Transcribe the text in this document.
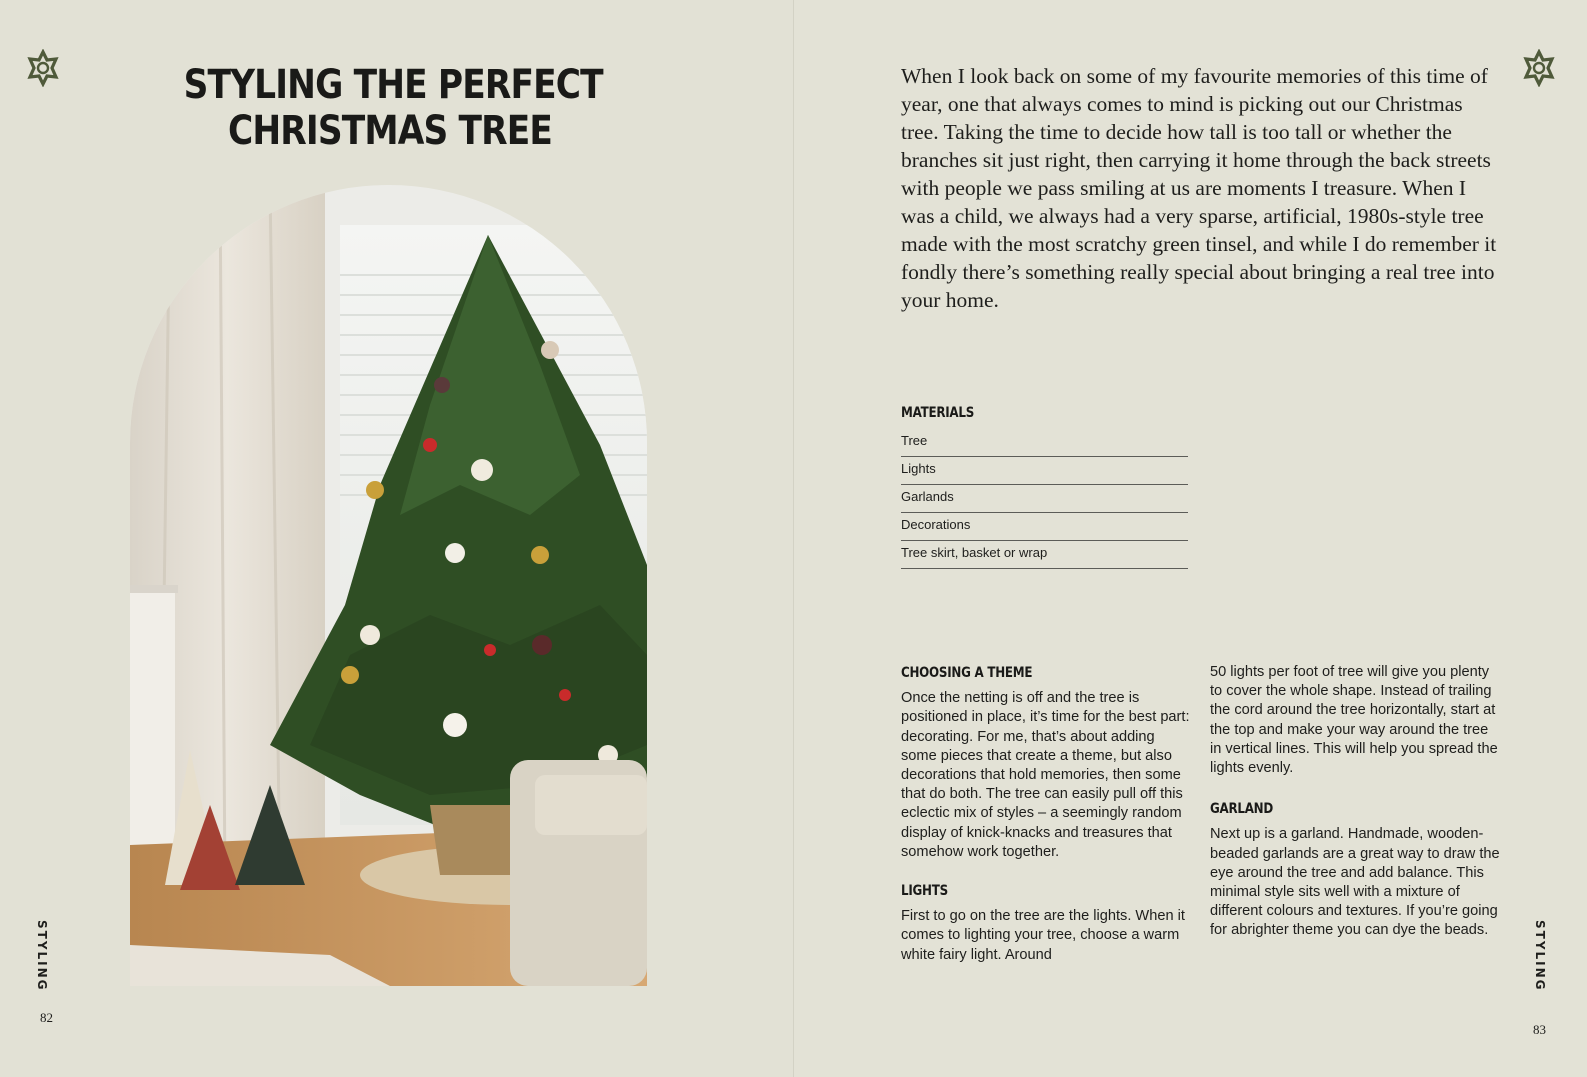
STYLING THE PERFECT
CHRISTMAS TREE
STYLING
82
When I look back on some of my favourite memories of this time of year, one that always comes to mind is picking out our Christmas tree. Taking the time to decide how tall is too tall or whether the branches sit just right, then carrying it home through the back streets with people we pass smiling at us are moments I treasure. When I was a child, we always had a very sparse, artificial, 1980s-style tree made with the most scratchy green tinsel, and while I do remember it fondly there’s something really special about bringing a real tree into your home.
MATERIALS
Tree
Lights
Garlands
Decorations
Tree skirt, basket or wrap
CHOOSING A THEME

Once the netting is off and the tree is positioned in place, it’s time for the best part: decorating. For me, that’s about adding some pieces that create a theme, but also decorations that hold memories, then some that do both. The tree can easily pull off this eclectic mix of styles – a seemingly random display of knick-knacks and treasures that somehow work together.

LIGHTS

First to go on the tree are the lights. When it comes to lighting your tree, choose a warm white fairy light. Around

50 lights per foot of tree will give you plenty to cover the whole shape. Instead of trailing the cord around the tree horizontally, start at the top and make your way around the tree in vertical lines. This will help you spread the lights evenly.

GARLAND

Next up is a garland. Handmade, wooden-beaded garlands are a great way to draw the eye around the tree and add balance. This minimal style sits well with a mixture of different colours and textures. If you’re going for abrighter theme you can dye the beads.	STYLING
83
